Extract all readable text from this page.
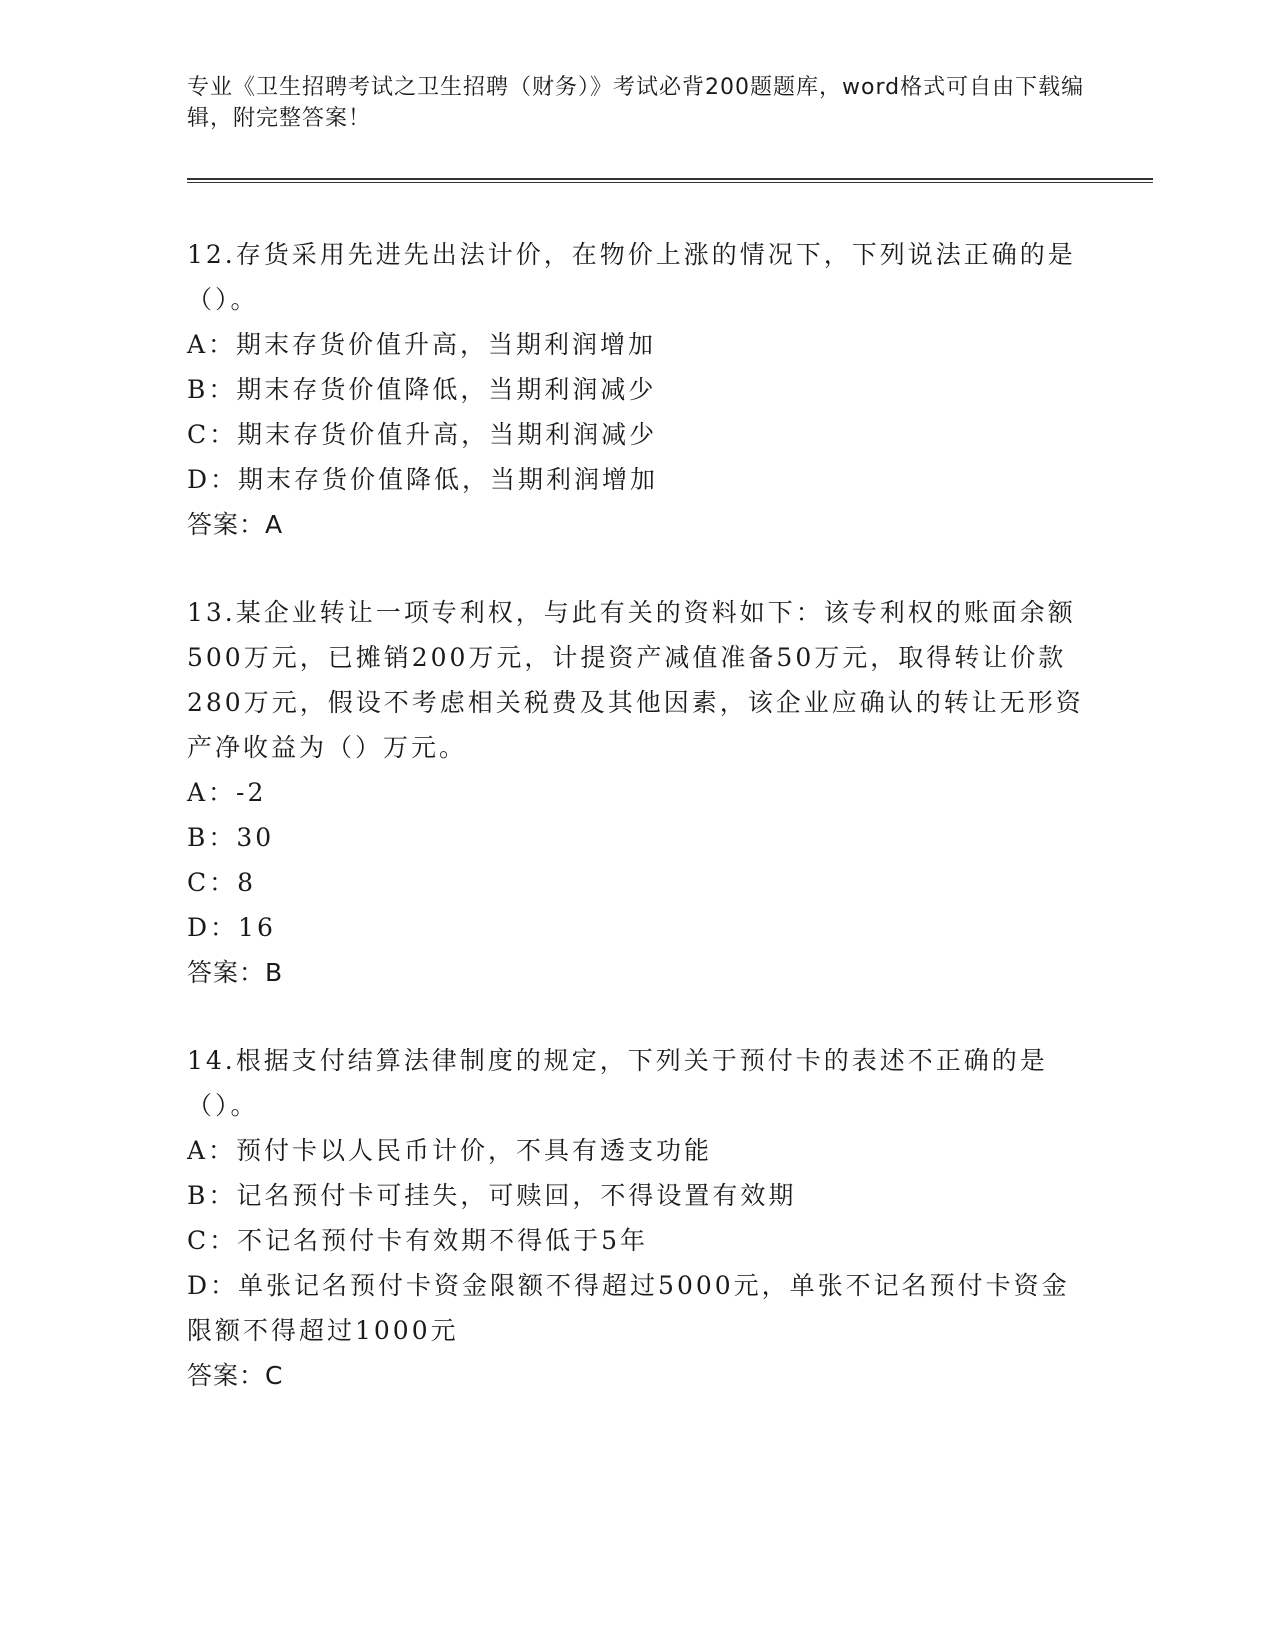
专业《卫生招聘考试之卫生招聘（财务）》考试必背200题题库，word格式可自由下载编辑，附完整答案！
12.存货采用先进先出法计价，在物价上涨的情况下，下列说法正确的是（）。
A：期末存货价值升高，当期利润增加
B：期末存货价值降低，当期利润减少
C：期末存货价值升高，当期利润减少
D：期末存货价值降低，当期利润增加
答案：A
13.某企业转让一项专利权，与此有关的资料如下：该专利权的账面余额500万元，已摊销200万元，计提资产减值准备50万元，取得转让价款280万元，假设不考虑相关税费及其他因素，该企业应确认的转让无形资产净收益为（）万元。
A：-2
B：30
C：8
D：16
答案：B
14.根据支付结算法律制度的规定，下列关于预付卡的表述不正确的是（）。
A：预付卡以人民币计价，不具有透支功能
B：记名预付卡可挂失，可赎回，不得设置有效期
C：不记名预付卡有效期不得低于5年
D：单张记名预付卡资金限额不得超过5000元，单张不记名预付卡资金限额不得超过1000元
答案：C
